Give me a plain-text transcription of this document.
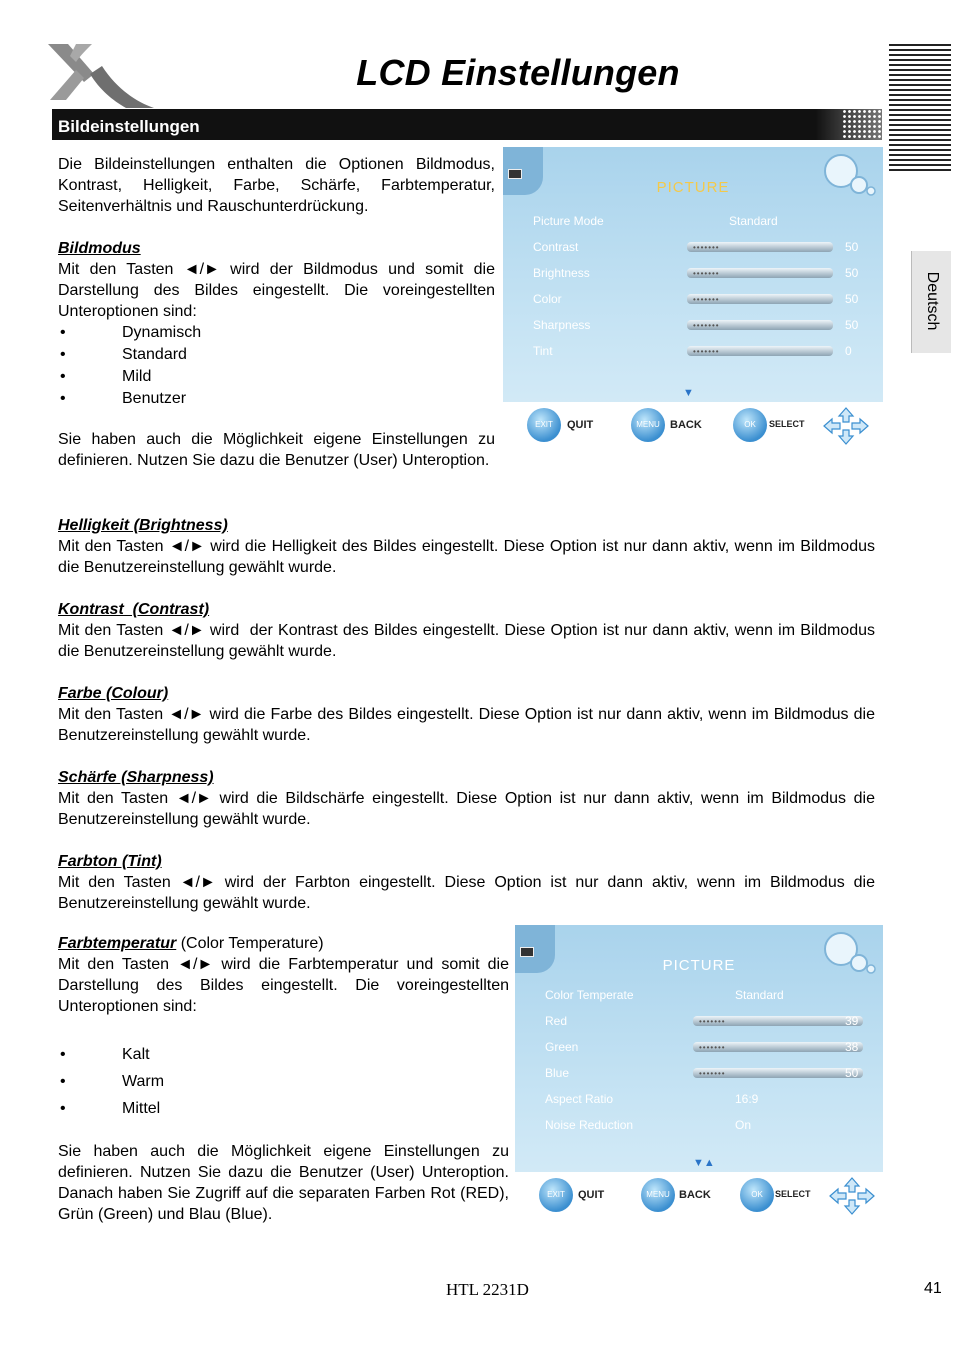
LCD Einstellungen
Bildeinstellungen
Deutsch

Die Bildeinstellungen enthalten die Optionen Bildmodus, Kontrast, Helligkeit, Farbe, Schärfe, Farbtemperatur, Seitenverhältnis und Rauschunterdrückung.

Bildmodus

Mit den Tasten ◄/► wird der Bildmodus und somit die Darstellung des Bildes eingestellt. Die voreingestellten Unteroptionen sind:

• Dynamisch
• Standard
• Mild
• Benutzer

Sie haben auch die Möglichkeit eigene Einstellungen zu definieren. Nutzen Sie dazu die Benutzer (User) Unteroption.

Helligkeit (Brightness)

Mit den Tasten ◄/► wird die Helligkeit des Bildes eingestellt. Diese Option ist nur dann aktiv, wenn im Bildmodus die Benutzereinstellung gewählt wurde.

Kontrast  (Contrast)

Mit den Tasten ◄/► wird  der Kontrast des Bildes eingestellt. Diese Option ist nur dann aktiv, wenn im Bildmodus die Benutzereinstellung gewählt wurde.

Farbe (Colour)

Mit den Tasten ◄/► wird die Farbe des Bildes eingestellt. Diese Option ist nur dann aktiv, wenn im Bildmodus die Benutzereinstellung gewählt wurde.

Schärfe (Sharpness)

Mit den Tasten ◄/► wird die Bildschärfe eingestellt. Diese Option ist nur dann aktiv, wenn im Bildmodus die Benutzereinstellung gewählt wurde.

Farbton (Tint)

Mit den Tasten ◄/► wird der Farbton eingestellt. Diese Option ist nur dann aktiv, wenn im Bildmodus die Benutzereinstellung gewählt wurde.

Farbtemperatur (Color Temperature)

Mit den Tasten ◄/► wird die Farbtemperatur und somit die Darstellung des Bildes eingestellt. Die voreingestellten Unteroptionen sind:

• Kalt
• Warm
• Mittel

Sie haben auch die Möglichkeit eigene Einstellungen zu definieren. Nutzen Sie dazu die Benutzer (User) Unteroption. Danach haben Sie Zugriff auf die separaten Farben Rot (RED), Grün (Green) und Blau (Blue).

PICTURE
Picture Mode	Standard
Contrast	•••••••	50
Brightness	•••••••	50
Color	•••••••	50
Sharpness	•••••••	50
Tint	•••••••	0
▼
EXIT	QUIT	MENU BACK	OK	SELECT
PICTURE
Color Temperate	Standard
Red	•••••••	39
Green	•••••••	38
Blue	•••••••	50
Aspect Ratio	16:9
Noise Reduction	On
▼▲
EXIT	QUIT	MENU BACK	OK	SELECT
HTL 2231D	41
